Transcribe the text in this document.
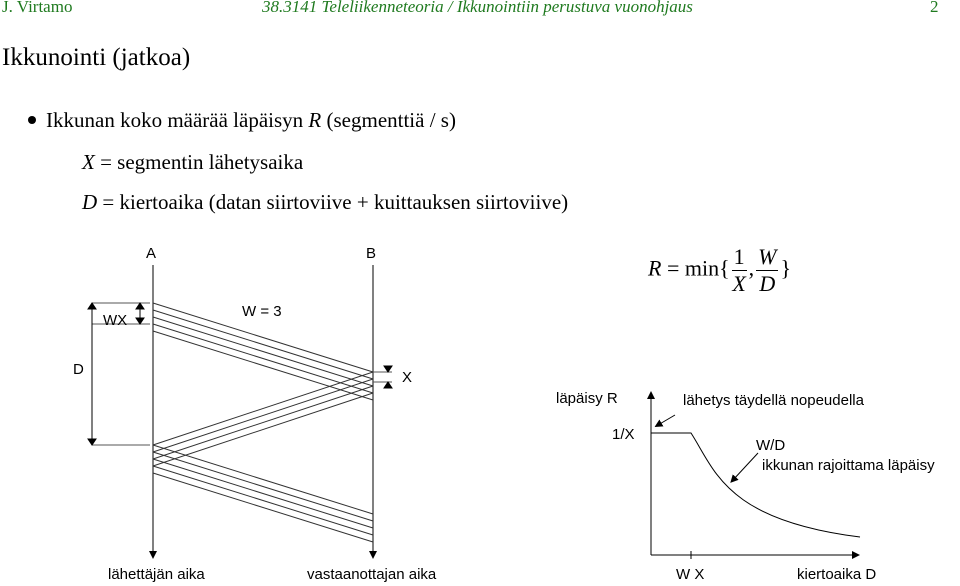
J. Virtamo	38.3141 Teleliikenneteoria / Ikkunointiin perustuva vuonohjaus	2
Ikkunointi (jatkoa)
Ikkunan koko määrää läpäisyn R (segmenttiä / s)
X = segmentin lähetysaika
D = kiertoaika (datan siirtoviive + kuittauksen siirtoviive)
A	B
WX
W = 3
D	X
lähettäjän aika	vastaanottajan aika
$R = \min\{ \frac{1}{X}$ , $\frac{W}{D}$ }
läpäisy R
1/X
lähetys täydellä nopeudella
W/D
ikkunan rajoittama läpäisy
W X	kiertoaika D
